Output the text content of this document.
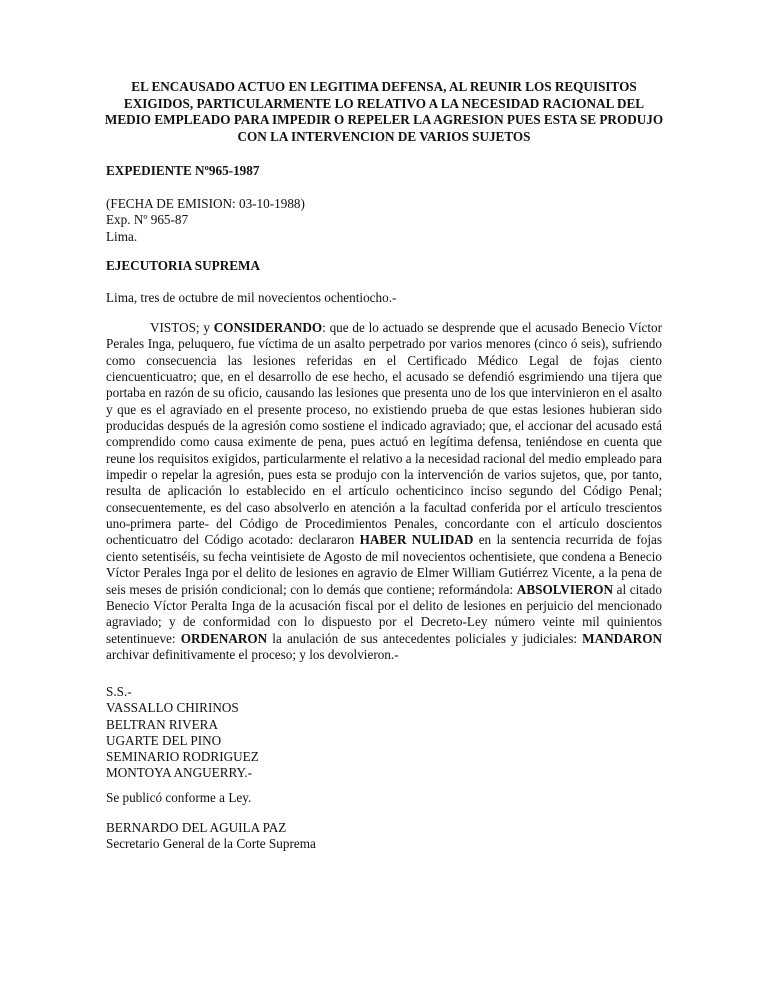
EL ENCAUSADO ACTUO EN LEGITIMA DEFENSA, AL REUNIR LOS REQUISITOS EXIGIDOS, PARTICULARMENTE LO RELATIVO A LA NECESIDAD RACIONAL DEL MEDIO EMPLEADO PARA IMPEDIR O REPELER LA AGRESION PUES ESTA SE PRODUJO CON LA INTERVENCION DE VARIOS SUJETOS

EXPEDIENTE Nº965-1987

(FECHA DE EMISION: 03-10-1988)
Exp. Nº 965-87
Lima.

EJECUTORIA SUPREMA

Lima, tres de octubre de mil novecientos ochentiocho.-

VISTOS; y CONSIDERANDO: que de lo actuado se desprende que el acusado Benecio Víctor Perales Inga, peluquero, fue víctima de un asalto perpetrado por varios menores (cinco ó seis), sufriendo como consecuencia las lesiones referidas en el Certificado Médico Legal de fojas ciento ciencuenticuatro; que, en el desarrollo de ese hecho, el acusado se defendió esgrimiendo una tijera que portaba en razón de su oficio, causando las lesiones que presenta uno de los que intervinieron en el asalto y que es el agraviado en el presente proceso, no existiendo prueba de que estas lesiones hubieran sido producidas después de la agresión como sostiene el indicado agraviado; que, el accionar del acusado está comprendido como causa eximente de pena, pues actuó en legítima defensa, teniéndose en cuenta que reune los requisitos exigidos, particularmente el relativo a la necesidad racional del medio empleado para impedir o repelar la agresión, pues esta se produjo con la intervención de varios sujetos, que, por tanto, resulta de aplicación lo establecido en el artículo ochenticinco inciso segundo del Código Penal; consecuentemente, es del caso absolverlo en atención a la facultad conferida por el artículo trescientos uno-primera parte- del Código de Procedimientos Penales, concordante con el artículo doscientos ochenticuatro del Código acotado: declararon HABER NULIDAD en la sentencia recurrida de fojas ciento setentiséis, su fecha veintisiete de Agosto de mil novecientos ochentisiete, que condena a Benecio Víctor Perales Inga por el delito de lesiones en agravio de Elmer William Gutiérrez Vicente, a la pena de seis meses de prisión condicional; con lo demás que contiene; reformándola: ABSOLVIERON al citado Benecio Víctor Peralta Inga de la acusación fiscal por el delito de lesiones en perjuicio del mencionado agraviado; y de conformidad con lo dispuesto por el Decreto-Ley número veinte mil quinientos setentinueve: ORDENARON la anulación de sus antecedentes policiales y judiciales: MANDARON archivar definitivamente el proceso; y los devolvieron.-

S.S.-
VASSALLO CHIRINOS
BELTRAN RIVERA
UGARTE DEL PINO
SEMINARIO RODRIGUEZ
MONTOYA ANGUERRY.-

Se publicó conforme a Ley.

BERNARDO DEL AGUILA PAZ
Secretario General de la Corte Suprema
